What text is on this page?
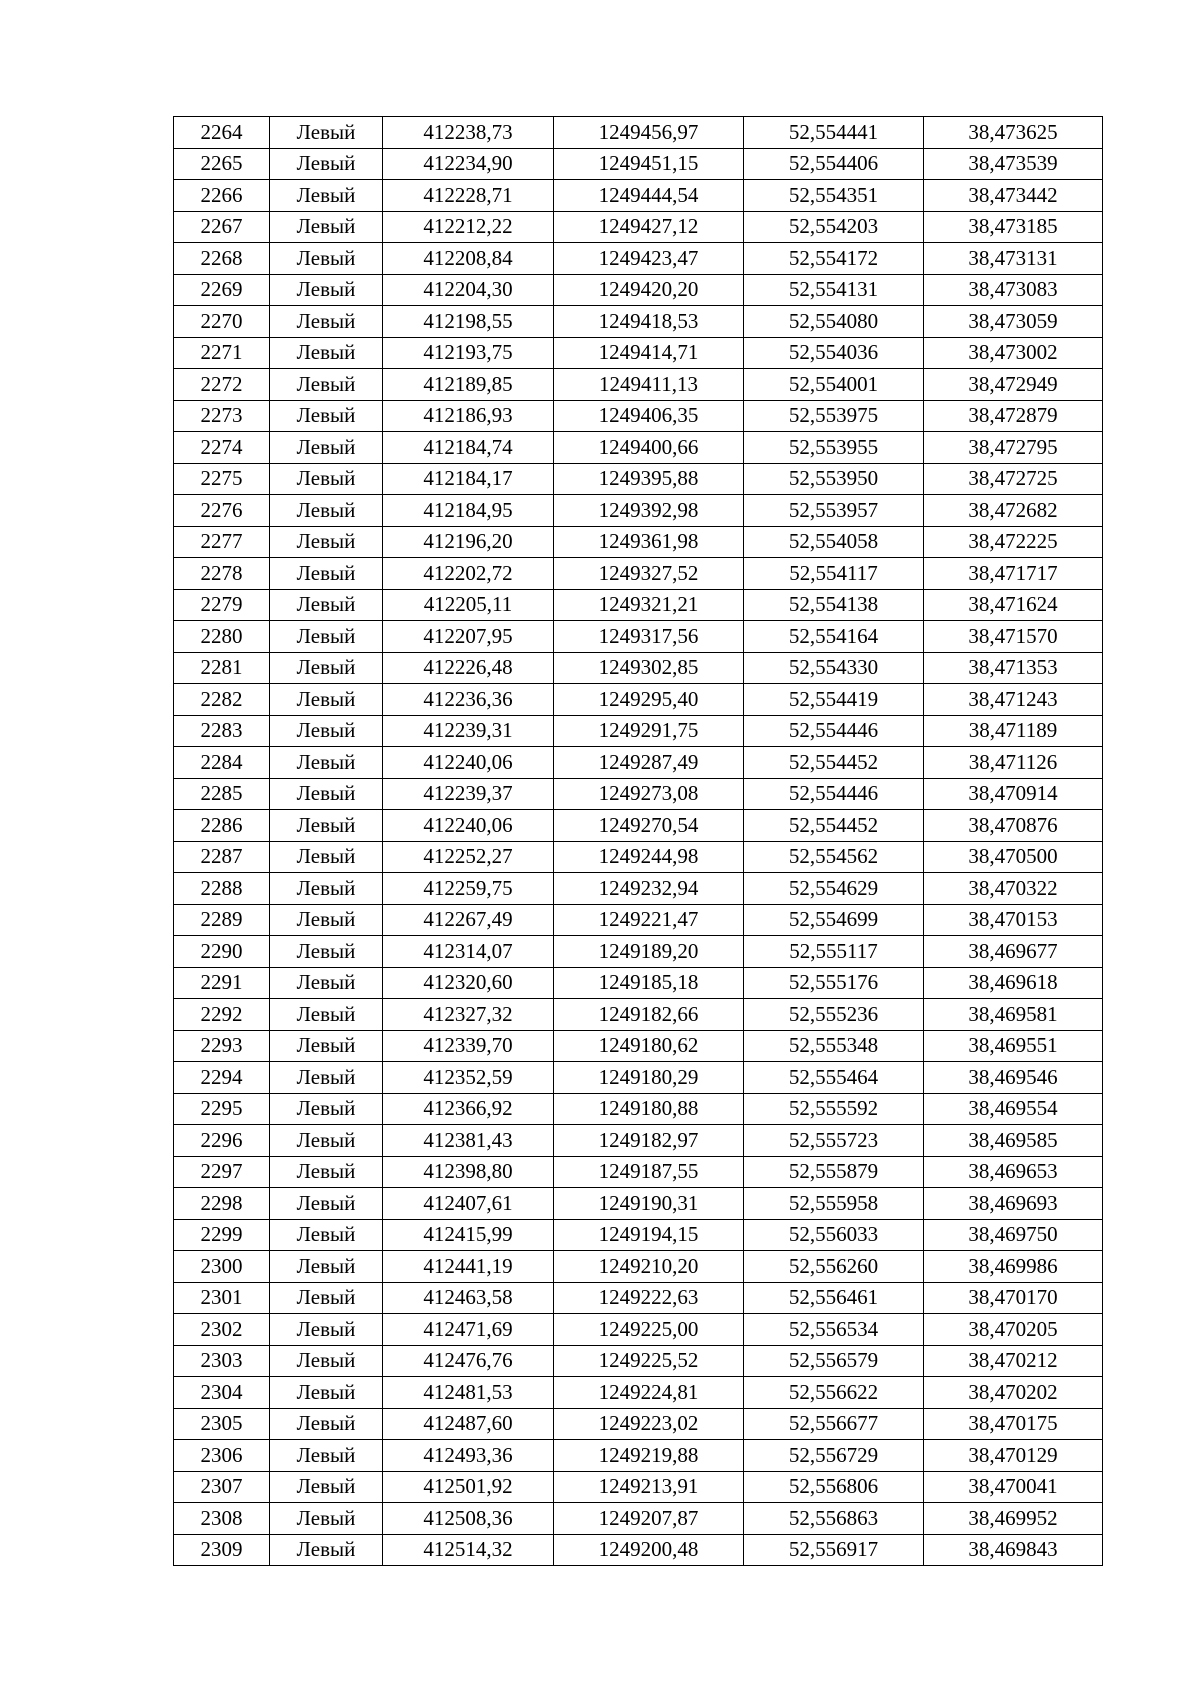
2264	Левый	412238,73	1249456,97	52,554441	38,473625
2265	Левый	412234,90	1249451,15	52,554406	38,473539
2266	Левый	412228,71	1249444,54	52,554351	38,473442
2267	Левый	412212,22	1249427,12	52,554203	38,473185
2268	Левый	412208,84	1249423,47	52,554172	38,473131
2269	Левый	412204,30	1249420,20	52,554131	38,473083
2270	Левый	412198,55	1249418,53	52,554080	38,473059
2271	Левый	412193,75	1249414,71	52,554036	38,473002
2272	Левый	412189,85	1249411,13	52,554001	38,472949
2273	Левый	412186,93	1249406,35	52,553975	38,472879
2274	Левый	412184,74	1249400,66	52,553955	38,472795
2275	Левый	412184,17	1249395,88	52,553950	38,472725
2276	Левый	412184,95	1249392,98	52,553957	38,472682
2277	Левый	412196,20	1249361,98	52,554058	38,472225
2278	Левый	412202,72	1249327,52	52,554117	38,471717
2279	Левый	412205,11	1249321,21	52,554138	38,471624
2280	Левый	412207,95	1249317,56	52,554164	38,471570
2281	Левый	412226,48	1249302,85	52,554330	38,471353
2282	Левый	412236,36	1249295,40	52,554419	38,471243
2283	Левый	412239,31	1249291,75	52,554446	38,471189
2284	Левый	412240,06	1249287,49	52,554452	38,471126
2285	Левый	412239,37	1249273,08	52,554446	38,470914
2286	Левый	412240,06	1249270,54	52,554452	38,470876
2287	Левый	412252,27	1249244,98	52,554562	38,470500
2288	Левый	412259,75	1249232,94	52,554629	38,470322
2289	Левый	412267,49	1249221,47	52,554699	38,470153
2290	Левый	412314,07	1249189,20	52,555117	38,469677
2291	Левый	412320,60	1249185,18	52,555176	38,469618
2292	Левый	412327,32	1249182,66	52,555236	38,469581
2293	Левый	412339,70	1249180,62	52,555348	38,469551
2294	Левый	412352,59	1249180,29	52,555464	38,469546
2295	Левый	412366,92	1249180,88	52,555592	38,469554
2296	Левый	412381,43	1249182,97	52,555723	38,469585
2297	Левый	412398,80	1249187,55	52,555879	38,469653
2298	Левый	412407,61	1249190,31	52,555958	38,469693
2299	Левый	412415,99	1249194,15	52,556033	38,469750
2300	Левый	412441,19	1249210,20	52,556260	38,469986
2301	Левый	412463,58	1249222,63	52,556461	38,470170
2302	Левый	412471,69	1249225,00	52,556534	38,470205
2303	Левый	412476,76	1249225,52	52,556579	38,470212
2304	Левый	412481,53	1249224,81	52,556622	38,470202
2305	Левый	412487,60	1249223,02	52,556677	38,470175
2306	Левый	412493,36	1249219,88	52,556729	38,470129
2307	Левый	412501,92	1249213,91	52,556806	38,470041
2308	Левый	412508,36	1249207,87	52,556863	38,469952
2309	Левый	412514,32	1249200,48	52,556917	38,469843
